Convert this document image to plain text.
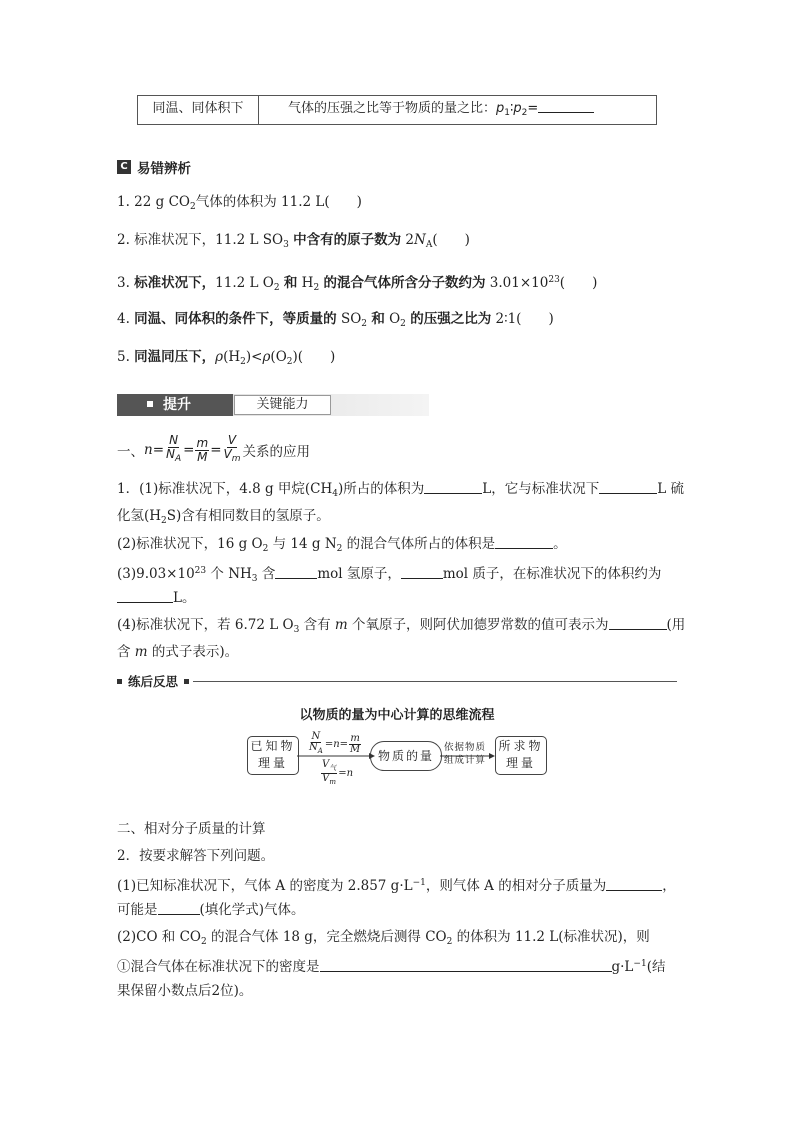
同温、同体积下	气体的压强之比等于物质的量之比：$p_1∶p_2=$
C 易错辨析
1. 22 g $CO_2$气体的体积为 11.2 L(　　)
2. 标准状况下，11.2 L $SO_3$ 中含有的原子数为 $2N_A$(　　)
3. 标准状况下，11.2 L $O_2$ 和 $H_2$ 的混合气体所含分子数约为 $3.01\times 10^{23}$(　　)
4. 同温、同体积的条件下，等质量的 $SO_2$ 和 $O_2$ 的压强之比为 2∶1(　　)
5. 同温同压下，$\rho(H_2)<\rho(O_2)$(　　)
提升	关键能力
一、 $n = \frac{N}{N_A} = \frac{m}{M} = \frac{V}{V_m}$ 关系的应用
1．(1)标准状况下，4.8 g 甲烷$(CH_4)$所占的体积为	L，它与标准状况下	L 硫
化氢$(H_2S)$含有相同数目的氢原子。
(2)标准状况下，16 g $O_2$ 与 14 g $N_2$ 的混合气体所占的体积是	。
$(3)9.03\times 10^{23}$ 个 $NH_3$ 含	mol 氢原子，	mol 质子，在标准状况下的体积约为
L。
(4)标准状况下，若 6.72 L $O_3$ 含有 m 个氧原子，则阿伏加德罗常数的值可表示为	(用
含 m 的式子表示)。
练后反思
以物质的量为中心计算的思维流程
已知物
理量	物质的量
所求物
理量
$\frac{N}{N_A} =n= \frac{m}{M}$
$\frac{V_气}{V_m} =n$
依据物质
组成计算
二、相对分子质量的计算
2．按要求解答下列问题。
(1)已知标准状况下，气体 A 的密度为 2.857 $g\cdot L^{-1}$，则气体 A 的相对分子质量为	，
可能是	(填化学式)气体。
(2)CO 和 $CO_2$ 的混合气体 18 g，完全燃烧后测得 $CO_2$ 的体积为 11.2 L(标准状况)，则
①混合气体在标准状况下的密度是	$g\cdot L^{-1}$(结
果保留小数点后2位)。
